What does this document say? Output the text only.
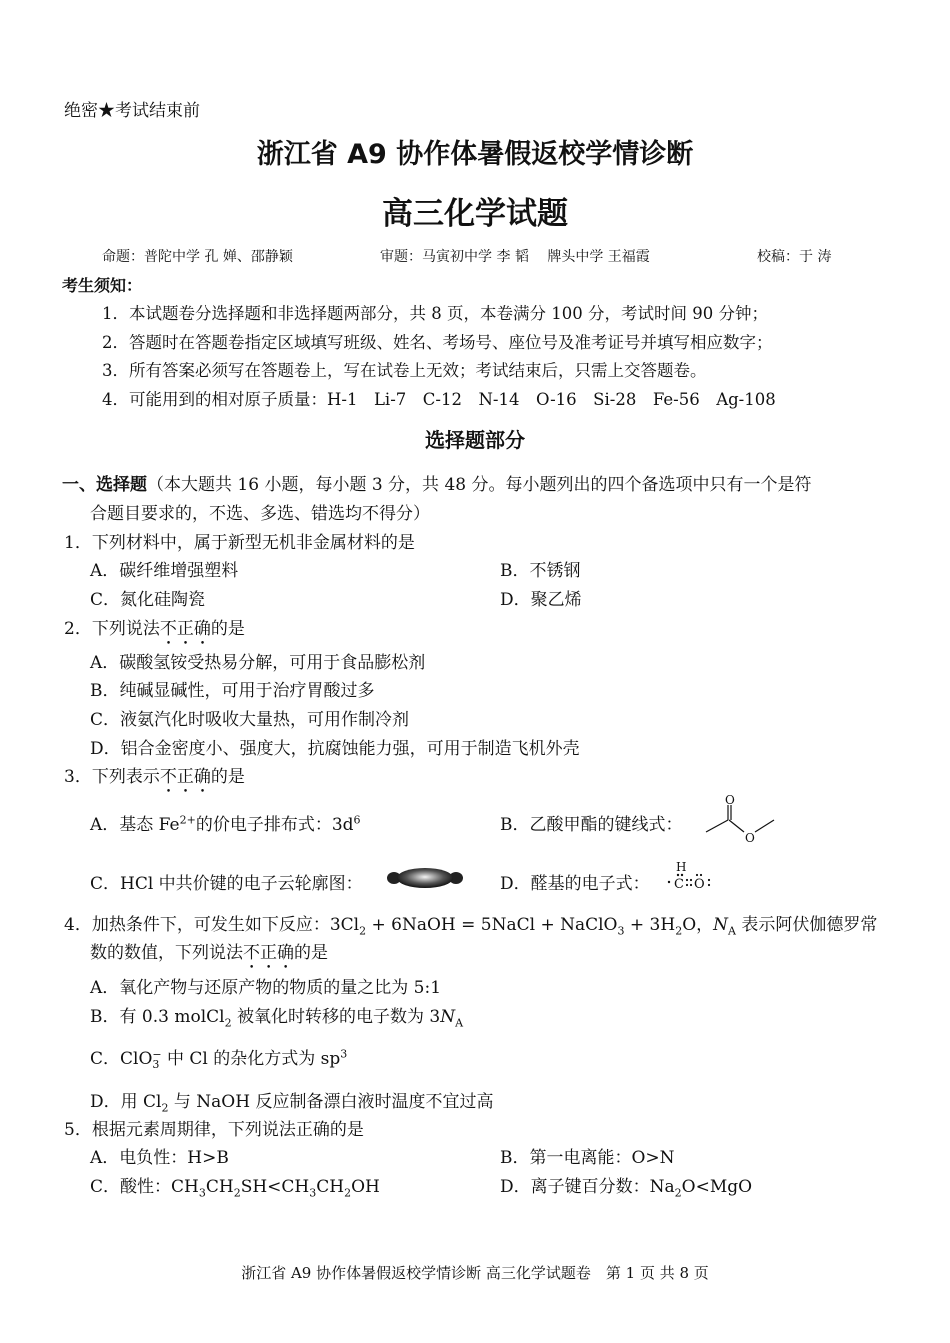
绝密★考试结束前
浙江省 A9 协作体暑假返校学情诊断
高三化学试题
命题：普陀中学 孔 婵、邵静颖	审题：马寅初中学 李 韬　 牌头中学 王福霞	校稿：于 涛
考生须知：
1．本试题卷分选择题和非选择题两部分，共 8 页，本卷满分 100 分，考试时间 90 分钟；
2．答题时在答题卷指定区域填写班级、姓名、考场号、座位号及准考证号并填写相应数字；
3．所有答案必须写在答题卷上，写在试卷上无效；考试结束后，只需上交答题卷。
4．可能用到的相对原子质量：H-1　Li-7　C-12　N-14　O-16　Si-28　Fe-56　Ag-108
选择题部分
一、选择题（本大题共 16 小题，每小题 3 分，共 48 分。每小题列出的四个备选项中只有一个是符
合题目要求的，不选、多选、错选均不得分）
1．下列材料中，属于新型无机非金属材料的是
A．碳纤维增强塑料	B．不锈钢
C．氮化硅陶瓷	D．聚乙烯
2．下列说法不正确的是
A．碳酸氢铵受热易分解，可用于食品膨松剂
B．纯碱显碱性，可用于治疗胃酸过多
C．液氨汽化时吸收大量热，可用作制冷剂
D．铝合金密度小、强度大，抗腐蚀能力强，可用于制造飞机外壳
3．下列表示不正确的是
A．基态 $Fe^{2+}$的价电子排布式：$3d^6$	B．乙酸甲酯的键线式：
O
O
C．HCl 中共价键的电子云轮廓图：	D．醛基的电子式：
H
C O
4．加热条件下，可发生如下反应：$3Cl_2$ + 6NaOH = 5NaCl + NaClO$_3$ + $3H_2O$，$N_A$ 表示阿伏伽德罗常
数的数值，下列说法不正确的是
A．氧化产物与还原产物的物质的量之比为 5:1
B．有 0.3 molCl$_2$ 被氧化时转移的电子数为 $3N_A$
C．ClO −
3 中 Cl 的杂化方式为 $sp^3$
D．用 $Cl_2$ 与 NaOH 反应制备漂白液时温度不宜过高
5．根据元素周期律，下列说法正确的是
A．电负性：H>B	B．第一电离能：O>N
C．酸性：$CH_3CH_2SH<CH_3CH_2OH$	D．离子键百分数：$Na_2O<MgO$
浙江省 A9 协作体暑假返校学情诊断 高三化学试题卷　第 1 页 共 8 页
